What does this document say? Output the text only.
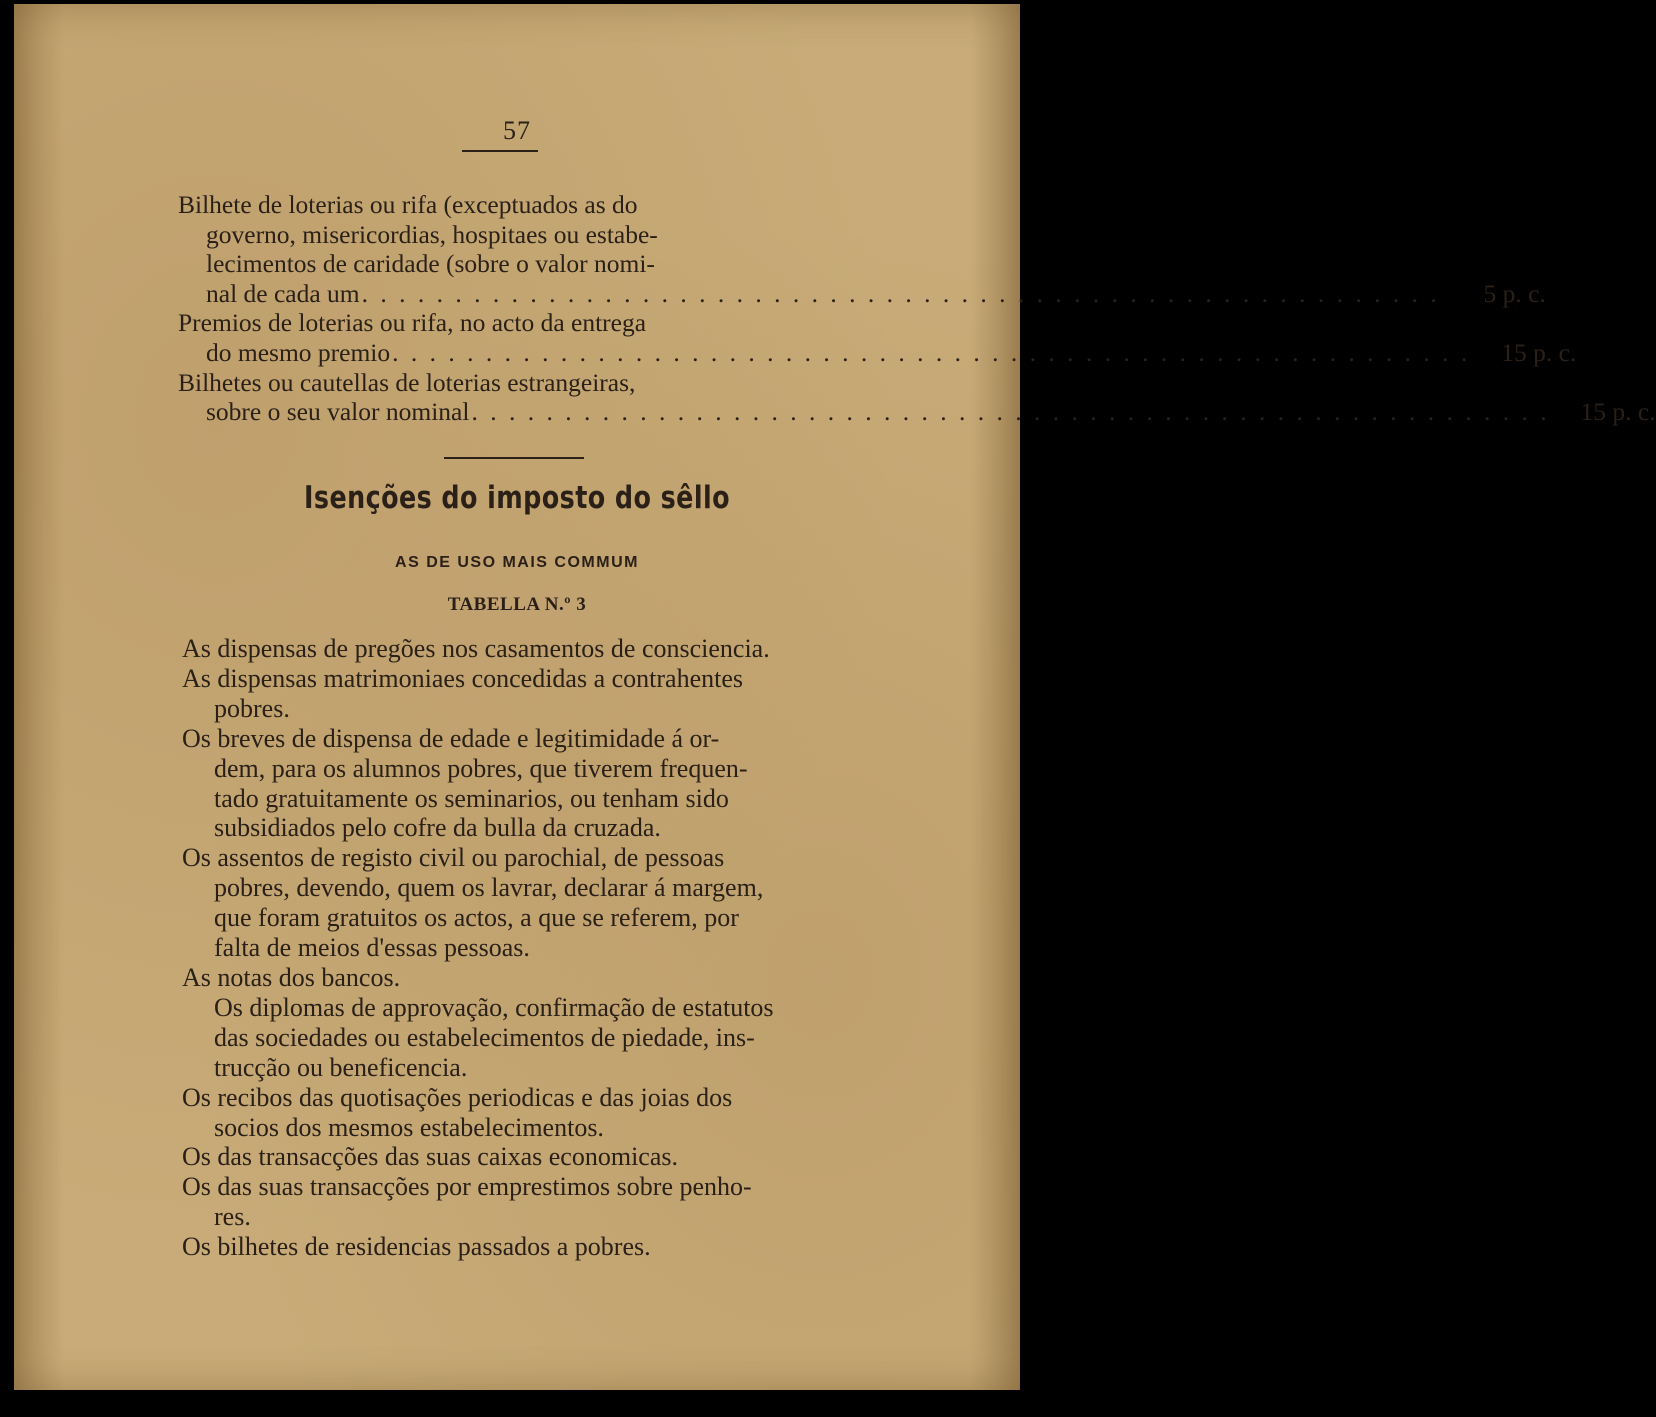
57
Bilhete de loterias ou rifa (exceptuados as do
governo, misericordias, hospitaes ou estabe-
lecimentos de caridade (sobre o valor nomi-
nal de cada um . . . . . . . . . . . . . . . . . . . . . . . . . . . . . . . . . . . . . . . . . . . . . . . . . . . . . . . . . .	5 p. c.
Premios de loterias ou rifa, no acto da entrega
do mesmo premio . . . . . . . . . . . . . . . . . . . . . . . . . . . . . . . . . . . . . . . . . . . . . . . . . . . . . . . . . .	15 p. c.
Bilhetes ou cautellas de loterias estrangeiras,
sobre o seu valor nominal . . . . . . . . . . . . . . . . . . . . . . . . . . . . . . . . . . . . . . . . . . . . . . . . . . . . . . . . . .	15 p. c.
Isenções do imposto do sêllo
AS DE USO MAIS COMMUM
TABELLA N.º 3
As dispensas de pregões nos casamentos de consciencia.
As dispensas matrimoniaes concedidas a contrahentes
pobres.
Os breves de dispensa de edade e legitimidade á or-
dem, para os alumnos pobres, que tiverem frequen-
tado gratuitamente os seminarios, ou tenham sido
subsidiados pelo cofre da bulla da cruzada.
Os assentos de registo civil ou parochial, de pessoas
pobres, devendo, quem os lavrar, declarar á margem,
que foram gratuitos os actos, a que se referem, por
falta de meios d'essas pessoas.
As notas dos bancos.
Os diplomas de approvação, confirmação de estatutos
das sociedades ou estabelecimentos de piedade, ins-
trucção ou beneficencia.
Os recibos das quotisações periodicas e das joias dos
socios dos mesmos estabelecimentos.
Os das transacções das suas caixas economicas.
Os das suas transacções por emprestimos sobre penho-
res.
Os bilhetes de residencias passados a pobres.
